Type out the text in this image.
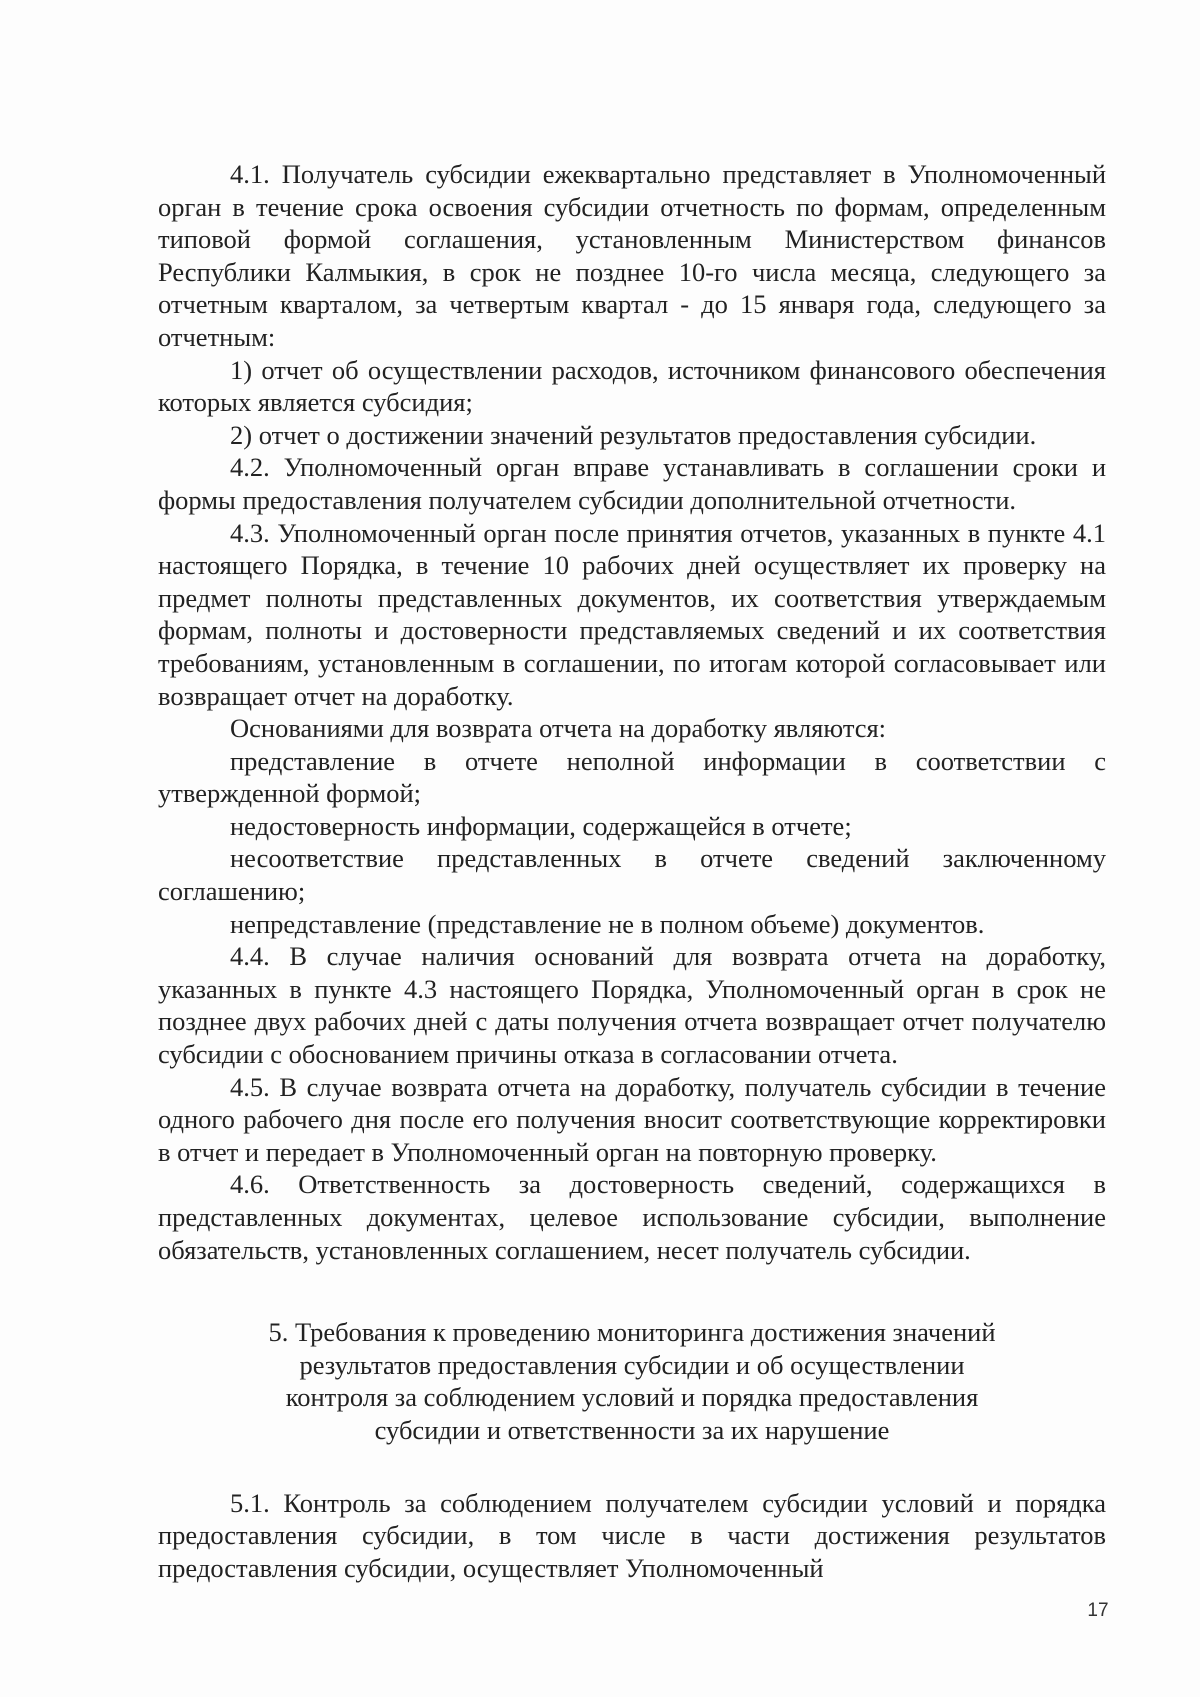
4.1. Получатель субсидии ежеквартально представляет в Уполномоченный орган в течение срока освоения субсидии отчетность по формам, определенным типовой формой соглашения, установленным Министерством финансов Республики Калмыкия, в срок не позднее 10-го числа месяца, следующего за отчетным кварталом, за четвертым квартал - до 15 января года, следующего за отчетным:

1) отчет об осуществлении расходов, источником финансового обеспечения которых является субсидия;

2) отчет о достижении значений результатов предоставления субсидии.

4.2. Уполномоченный орган вправе устанавливать в соглашении сроки и формы предоставления получателем субсидии дополнительной отчетности.

4.3. Уполномоченный орган после принятия отчетов, указанных в пункте 4.1 настоящего Порядка, в течение 10 рабочих дней осуществляет их проверку на предмет полноты представленных документов, их соответствия утверждаемым формам, полноты и достоверности представляемых сведений и их соответствия требованиям, установленным в соглашении, по итогам которой согласовывает или возвращает отчет на доработку.

Основаниями для возврата отчета на доработку являются:

представление в отчете неполной информации в соответствии с утвержденной формой;

недостоверность информации, содержащейся в отчете;

несоответствие представленных в отчете сведений заключенному соглашению;

непредставление (представление не в полном объеме) документов.

4.4. В случае наличия оснований для возврата отчета на доработку, указанных в пункте 4.3 настоящего Порядка, Уполномоченный орган в срок не позднее двух рабочих дней с даты получения отчета возвращает отчет получателю субсидии с обоснованием причины отказа в согласовании отчета.

4.5. В случае возврата отчета на доработку, получатель субсидии в течение одного рабочего дня после его получения вносит соответствующие корректировки в отчет и передает в Уполномоченный орган на повторную проверку.

4.6. Ответственность за достоверность сведений, содержащихся в представленных документах, целевое использование субсидии, выполнение обязательств, установленных соглашением, несет получатель субсидии.

5. Требования к проведению мониторинга достижения значений
результатов предоставления субсидии и об осуществлении
контроля за соблюдением условий и порядка предоставления
субсидии и ответственности за их нарушение

5.1. Контроль за соблюдением получателем субсидии условий и порядка предоставления субсидии, в том числе в части достижения результатов предоставления субсидии, осуществляет Уполномоченный

17
